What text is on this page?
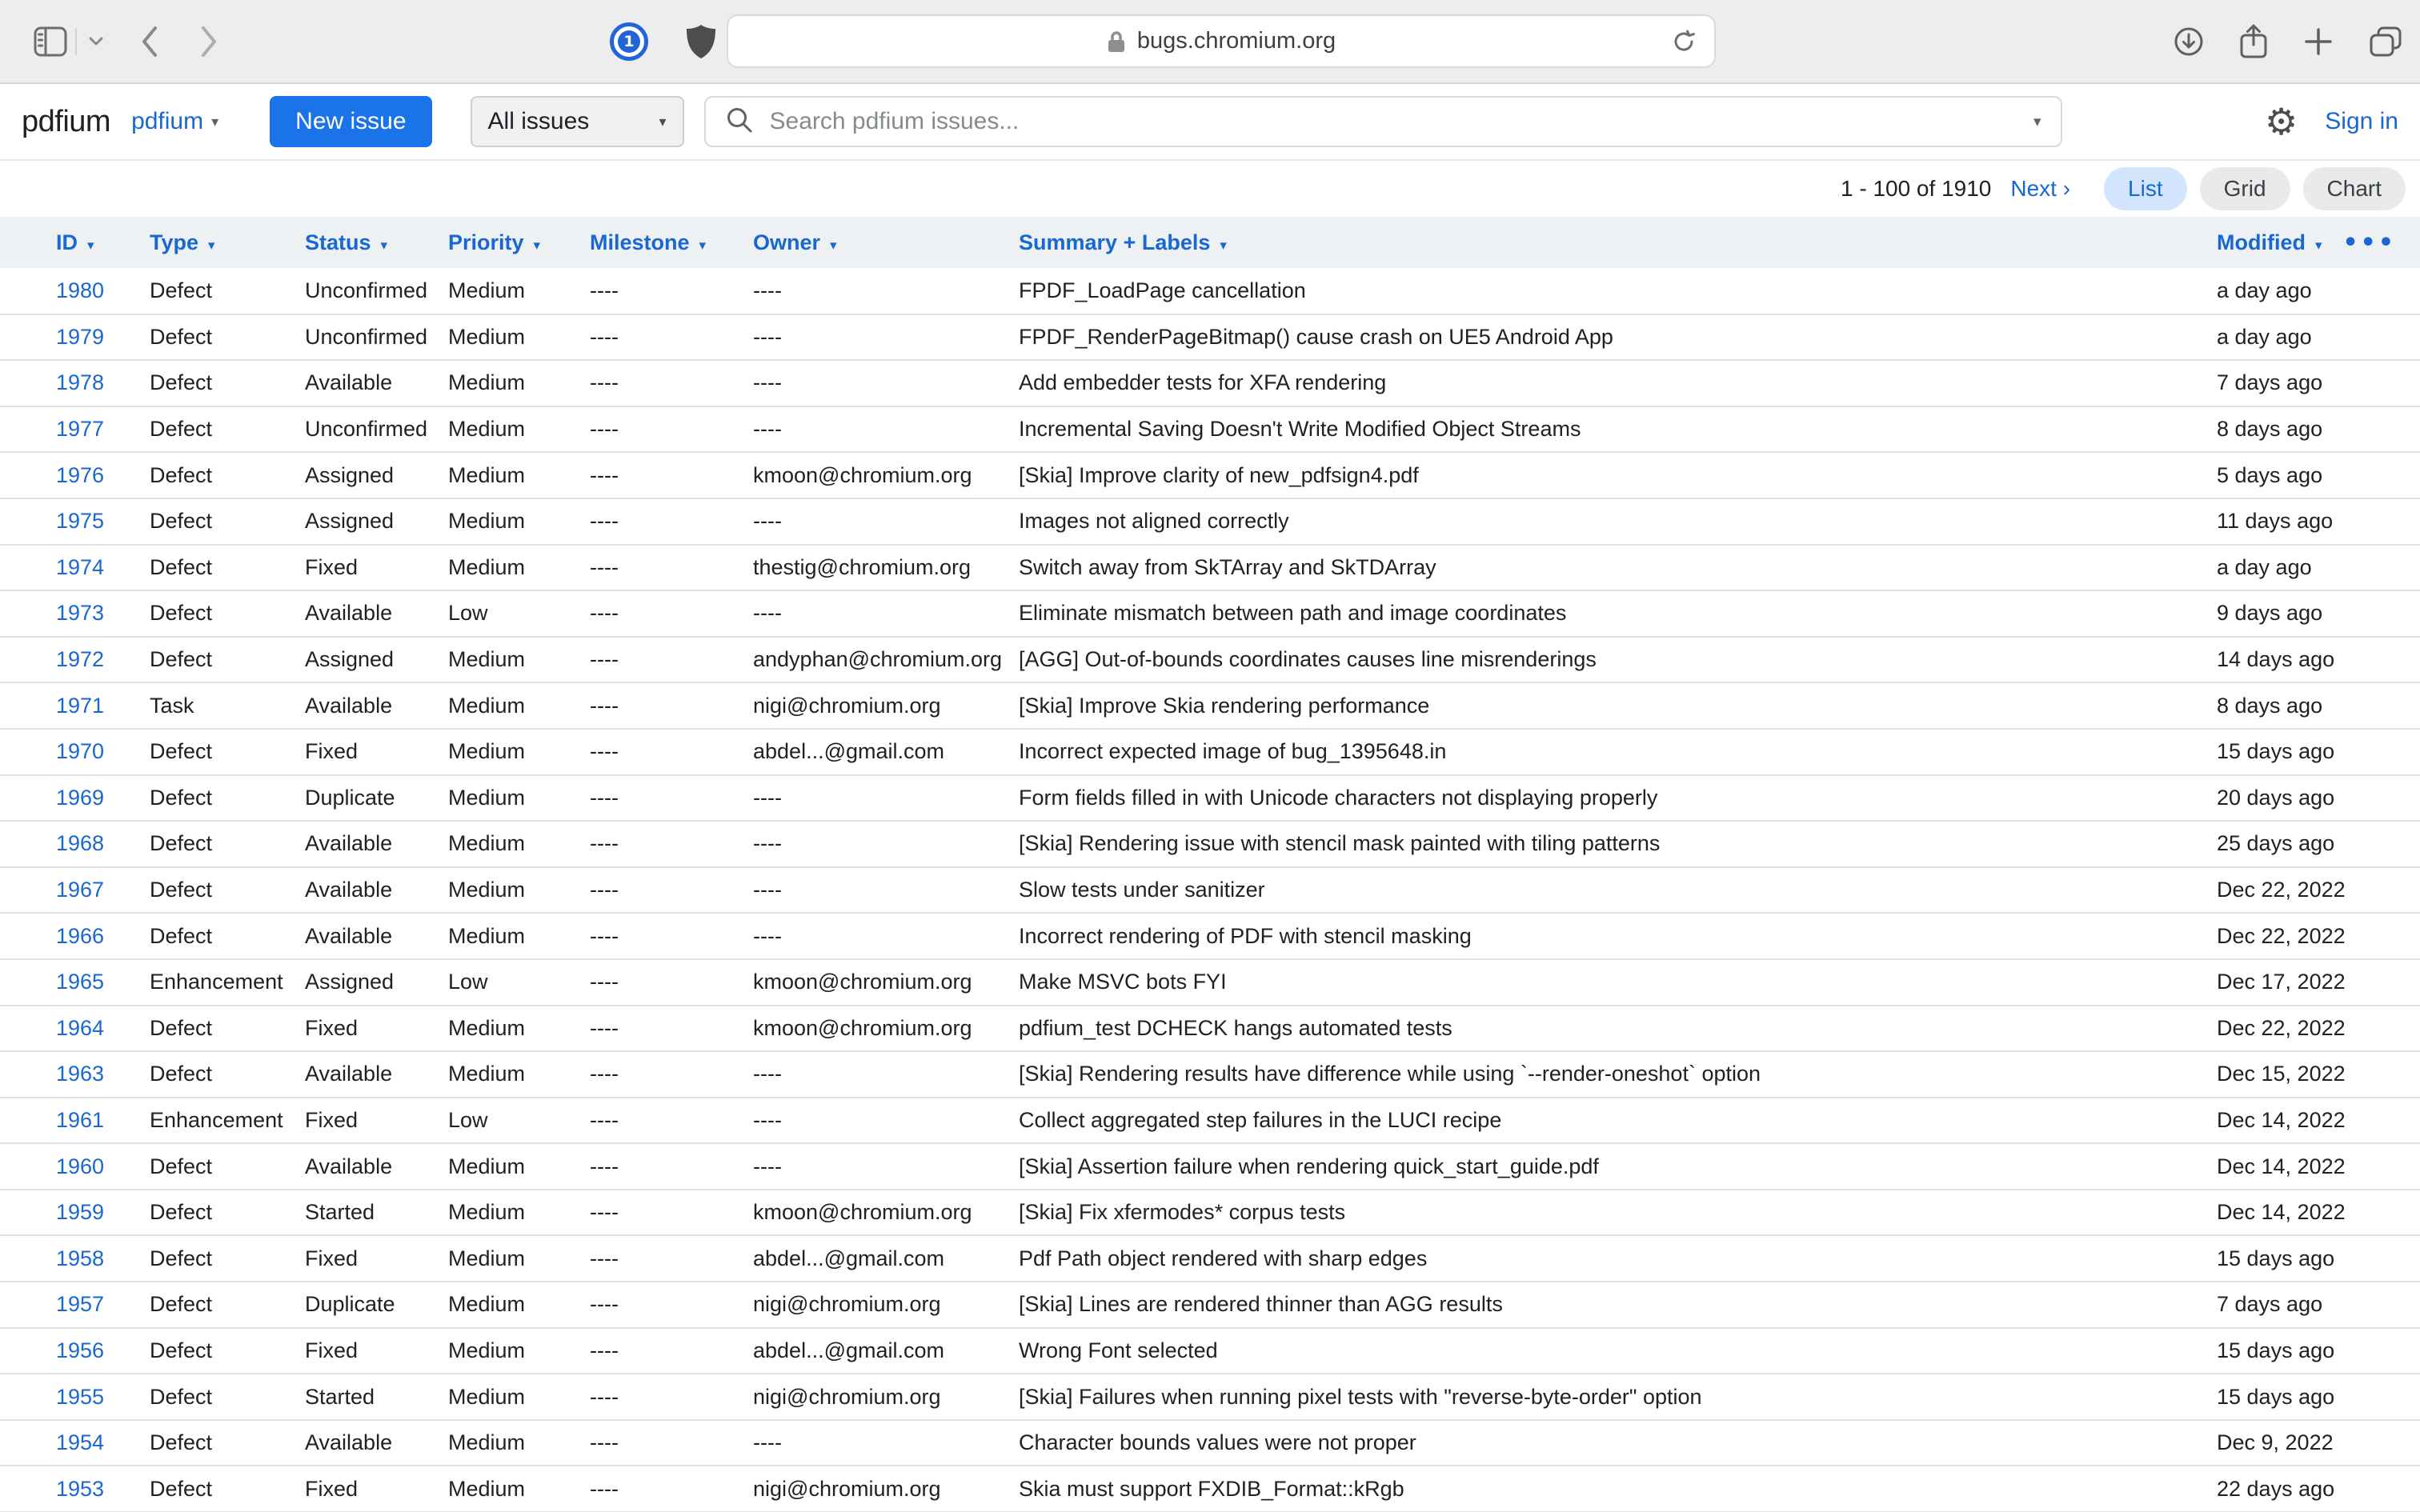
1	bugs.chromium.org
pdfium pdfium ▾	New issue	All issues	▾
Search pdfium issues...	▾	⚙ Sign in
1 - 100 of 1910 Next ›	List	Grid	Chart
ID ▾	Type ▾	Status ▾	Priority ▾	Milestone ▾	Owner ▾	Summary + Labels ▾	Modified ▾ •••

1980	Defect	Unconfirmed	Medium	----	----	FPDF_LoadPage cancellation	a day ago
1979	Defect	Unconfirmed	Medium	----	----	FPDF_RenderPageBitmap() cause crash on UE5 Android App	a day ago
1978	Defect	Available	Medium	----	----	Add embedder tests for XFA rendering	7 days ago
1977	Defect	Unconfirmed	Medium	----	----	Incremental Saving Doesn't Write Modified Object Streams	8 days ago
1976	Defect	Assigned	Medium	----	kmoon@chromium.org	[Skia] Improve clarity of new_pdfsign4.pdf	5 days ago
1975	Defect	Assigned	Medium	----	----	Images not aligned correctly	11 days ago
1974	Defect	Fixed	Medium	----	thestig@chromium.org	Switch away from SkTArray and SkTDArray	a day ago
1973	Defect	Available	Low	----	----	Eliminate mismatch between path and image coordinates	9 days ago
1972	Defect	Assigned	Medium	----	andyphan@chromium.org	[AGG] Out-of-bounds coordinates causes line misrenderings	14 days ago
1971	Task	Available	Medium	----	nigi@chromium.org	[Skia] Improve Skia rendering performance	8 days ago
1970	Defect	Fixed	Medium	----	abdel...@gmail.com	Incorrect expected image of bug_1395648.in	15 days ago
1969	Defect	Duplicate	Medium	----	----	Form fields filled in with Unicode characters not displaying properly	20 days ago
1968	Defect	Available	Medium	----	----	[Skia] Rendering issue with stencil mask painted with tiling patterns	25 days ago
1967	Defect	Available	Medium	----	----	Slow tests under sanitizer	Dec 22, 2022
1966	Defect	Available	Medium	----	----	Incorrect rendering of PDF with stencil masking	Dec 22, 2022
1965	Enhancement	Assigned	Low	----	kmoon@chromium.org	Make MSVC bots FYI	Dec 17, 2022
1964	Defect	Fixed	Medium	----	kmoon@chromium.org	pdfium_test DCHECK hangs automated tests	Dec 22, 2022
1963	Defect	Available	Medium	----	----	[Skia] Rendering results have difference while using `--render-oneshot` option	Dec 15, 2022
1961	Enhancement	Fixed	Low	----	----	Collect aggregated step failures in the LUCI recipe	Dec 14, 2022
1960	Defect	Available	Medium	----	----	[Skia] Assertion failure when rendering quick_start_guide.pdf	Dec 14, 2022
1959	Defect	Started	Medium	----	kmoon@chromium.org	[Skia] Fix xfermodes* corpus tests	Dec 14, 2022
1958	Defect	Fixed	Medium	----	abdel...@gmail.com	Pdf Path object rendered with sharp edges	15 days ago
1957	Defect	Duplicate	Medium	----	nigi@chromium.org	[Skia] Lines are rendered thinner than AGG results	7 days ago
1956	Defect	Fixed	Medium	----	abdel...@gmail.com	Wrong Font selected	15 days ago
1955	Defect	Started	Medium	----	nigi@chromium.org	[Skia] Failures when running pixel tests with "reverse-byte-order" option	15 days ago
1954	Defect	Available	Medium	----	----	Character bounds values were not proper	Dec 9, 2022
1953	Defect	Fixed	Medium	----	nigi@chromium.org	Skia must support FXDIB_Format::kRgb	22 days ago
